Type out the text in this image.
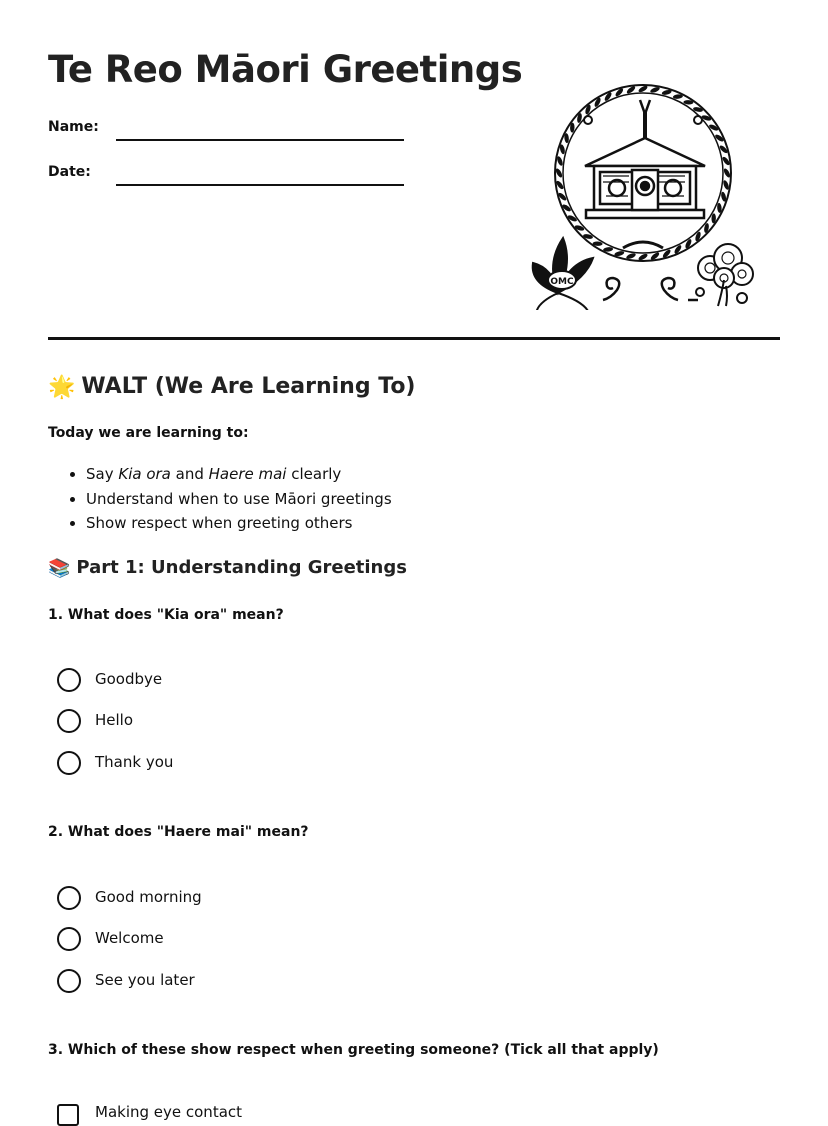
Te Reo Māori Greetings
Name:
Date:
OMC
🌟 WALT (We Are Learning To)
Today we are learning to:
• Say Kia ora and Haere mai clearly
• Understand when to use Māori greetings
• Show respect when greeting others
📚 Part 1: Understanding Greetings
1. What does "Kia ora" mean?
Goodbye
Hello
Thank you
2. What does "Haere mai" mean?
Good morning
Welcome
See you later
3. Which of these show respect when greeting someone? (Tick all that apply)
Making eye contact
